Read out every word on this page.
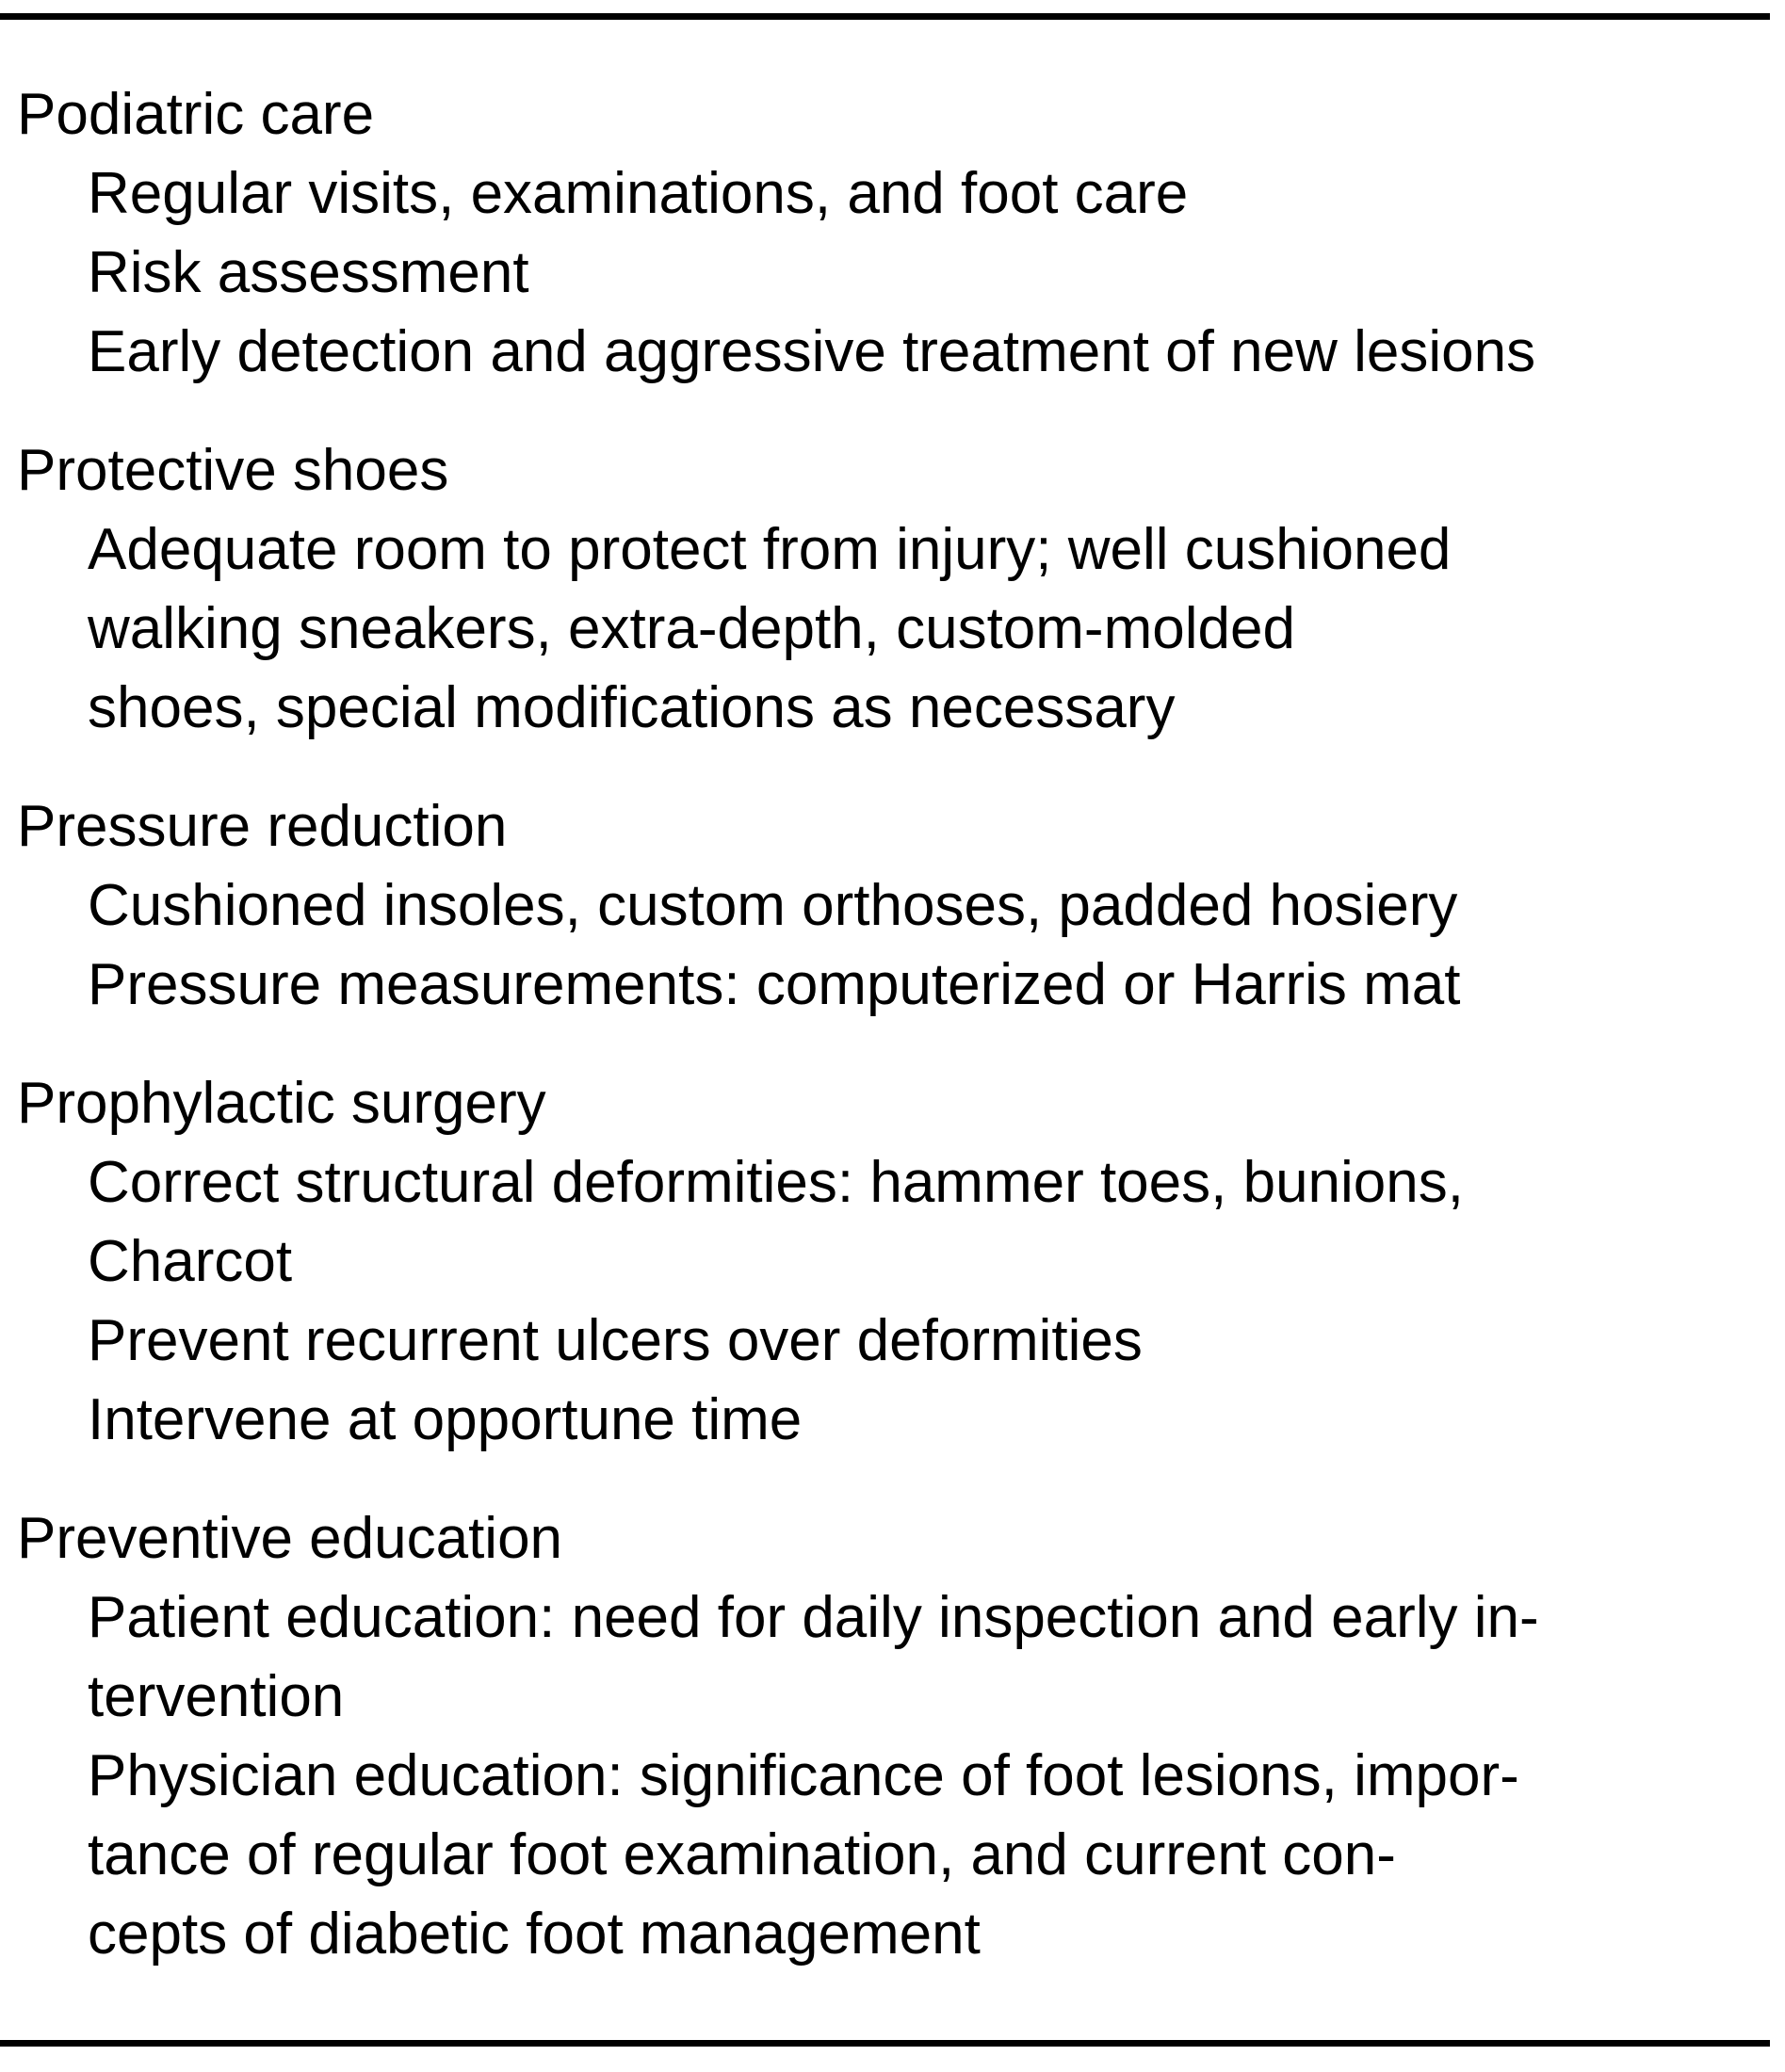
Podiatric care

Regular visits, examinations, and foot care

Risk assessment

Early detection and aggressive treatment of new lesions

Protective shoes

Adequate room to protect from injury; well cushioned
walking sneakers, extra-depth, custom-molded
shoes, special modifications as necessary

Pressure reduction

Cushioned insoles, custom orthoses, padded hosiery

Pressure measurements: computerized or Harris mat

Prophylactic surgery

Correct structural deformities: hammer toes, bunions,
Charcot

Prevent recurrent ulcers over deformities

Intervene at opportune time

Preventive education

Patient education: need for daily inspection and early in-
tervention

Physician education: significance of foot lesions, impor-
tance of regular foot examination, and current con-
cepts of diabetic foot management
